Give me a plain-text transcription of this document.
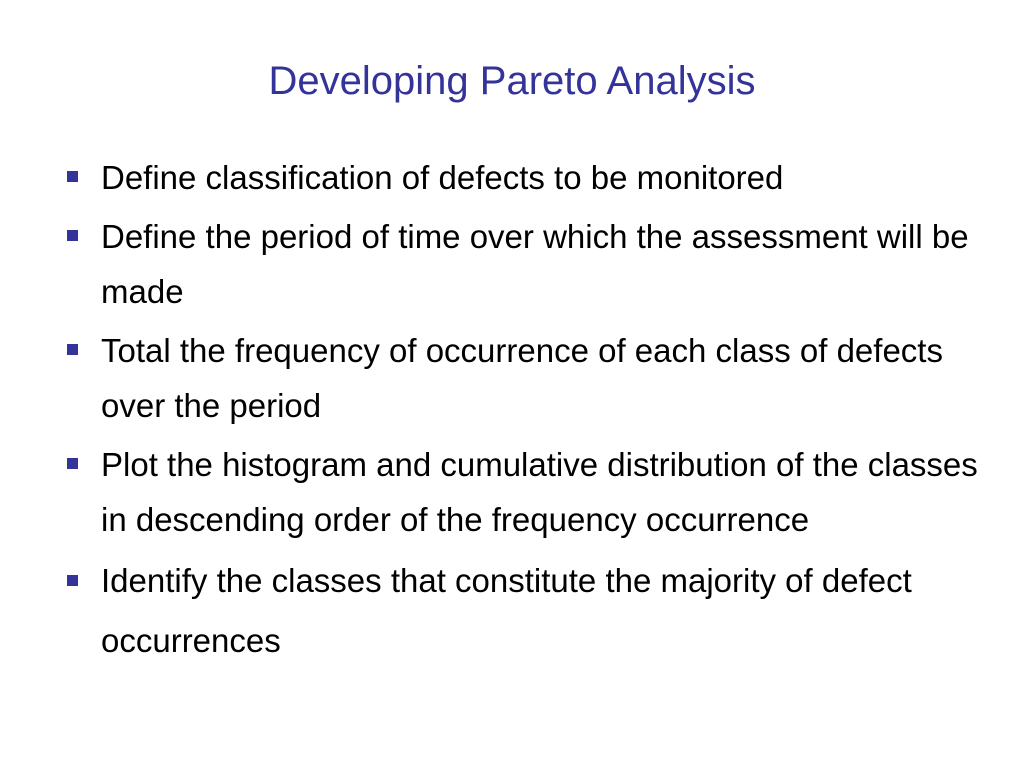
Developing Pareto Analysis
Define classification of defects to be monitored
Define the period of time over which the assessment will be made
Total the frequency of occurrence of each class of defects over the period
Plot the histogram and cumulative distribution of the classes in descending order of the frequency occurrence
Identify the classes that constitute the majority of defect occurrences
